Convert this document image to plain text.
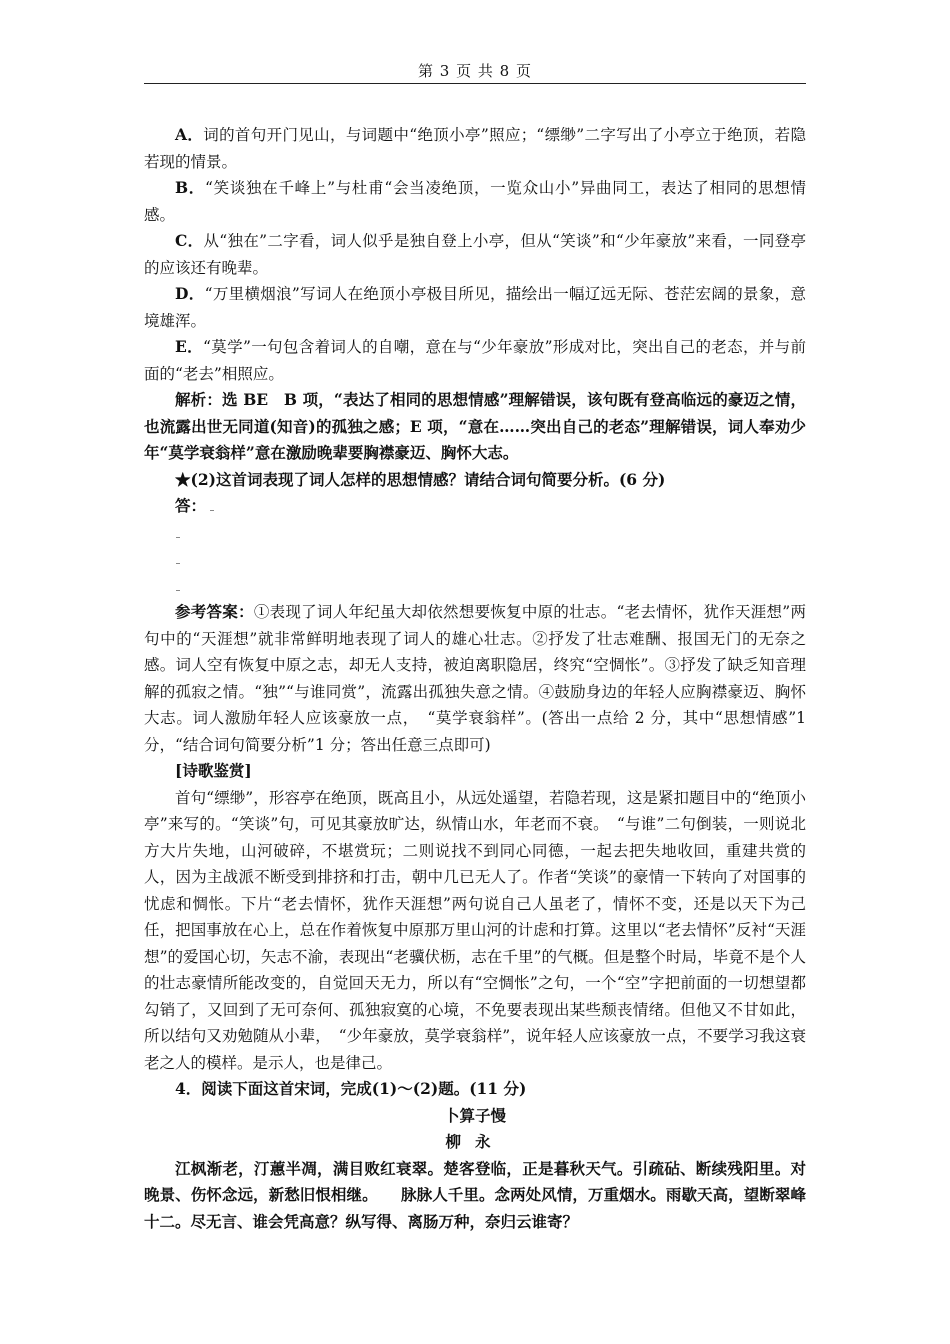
第 3 页 共 8 页

A．词的首句开门见山，与词题中“绝顶小亭”照应；“缥缈”二字写出了小亭立于绝顶，若隐若现的情景。

B．“笑谈独在千峰上”与杜甫“会当凌绝顶，一览众山小”异曲同工，表达了相同的思想情感。

C．从“独在”二字看，词人似乎是独自登上小亭，但从“笑谈”和“少年豪放”来看，一同登亭的应该还有晚辈。

D．“万里横烟浪”写词人在绝顶小亭极目所见，描绘出一幅辽远无际、苍茫宏阔的景象，意境雄浑。

E．“莫学”一句包含着词人的自嘲，意在与“少年豪放”形成对比，突出自己的老态，并与前面的“老去”相照应。

解析：选 BE　B 项，“表达了相同的思想情感”理解错误，该句既有登高临远的豪迈之情，也流露出世无同道(知音)的孤独之感；E 项，“意在……突出自己的老态”理解错误，词人奉劝少年“莫学衰翁样”意在激励晚辈要胸襟豪迈、胸怀大志。

★(2)这首词表现了词人怎样的思想情感？请结合词句简要分析。(6 分)

答：

参考答案：①表现了词人年纪虽大却依然想要恢复中原的壮志。“老去情怀，犹作天涯想”两句中的“天涯想”就非常鲜明地表现了词人的雄心壮志。②抒发了壮志难酬、报国无门的无奈之感。词人空有恢复中原之志，却无人支持，被迫离职隐居，终究“空惆怅”。③抒发了缺乏知音理解的孤寂之情。“独”“与谁同赏”，流露出孤独失意之情。④鼓励身边的年轻人应胸襟豪迈、胸怀大志。词人激励年轻人应该豪放一点，　“莫学衰翁样”。(答出一点给 2 分，其中“思想情感”1 分，“结合词句简要分析”1 分；答出任意三点即可)

[诗歌鉴赏]

首句“缥缈”，形容亭在绝顶，既高且小，从远处遥望，若隐若现，这是紧扣题目中的“绝顶小亭”来写的。“笑谈”句，可见其豪放旷达，纵情山水，年老而不衰。　“与谁”二句倒装，一则说北方大片失地，山河破碎，不堪赏玩；二则说找不到同心同德，一起去把失地收回，重建共赏的人，因为主战派不断受到排挤和打击，朝中几已无人了。作者“笑谈”的豪情一下转向了对国事的忧虑和惆怅。下片“老去情怀，犹作天涯想”两句说自己人虽老了，情怀不变，还是以天下为己任，把国事放在心上，总在作着恢复中原那万里山河的计虑和打算。这里以“老去情怀”反衬“天涯想”的爱国心切，矢志不渝，表现出“老骥伏枥，志在千里”的气概。但是整个时局，毕竟不是个人的壮志豪情所能改变的，自觉回天无力，所以有“空惆怅”之句，一个“空”字把前面的一切想望都勾销了，又回到了无可奈何、孤独寂寞的心境，不免要表现出某些颓丧情绪。但他又不甘如此，所以结句又劝勉随从小辈，　“少年豪放，莫学衰翁样”，说年轻人应该豪放一点，不要学习我这衰老之人的模样。是示人，也是律己。

4．阅读下面这首宋词，完成(1)～(2)题。(11 分)

卜算子慢

柳永

江枫渐老，汀蕙半凋，满目败红衰翠。楚客登临，正是暮秋天气。引疏砧、断续残阳里。对晚景、伤怀念远，新愁旧恨相继。　　脉脉人千里。念两处风情，万重烟水。雨歇天高，望断翠峰十二。尽无言、谁会凭高意？纵写得、离肠万种，奈归云谁寄？
